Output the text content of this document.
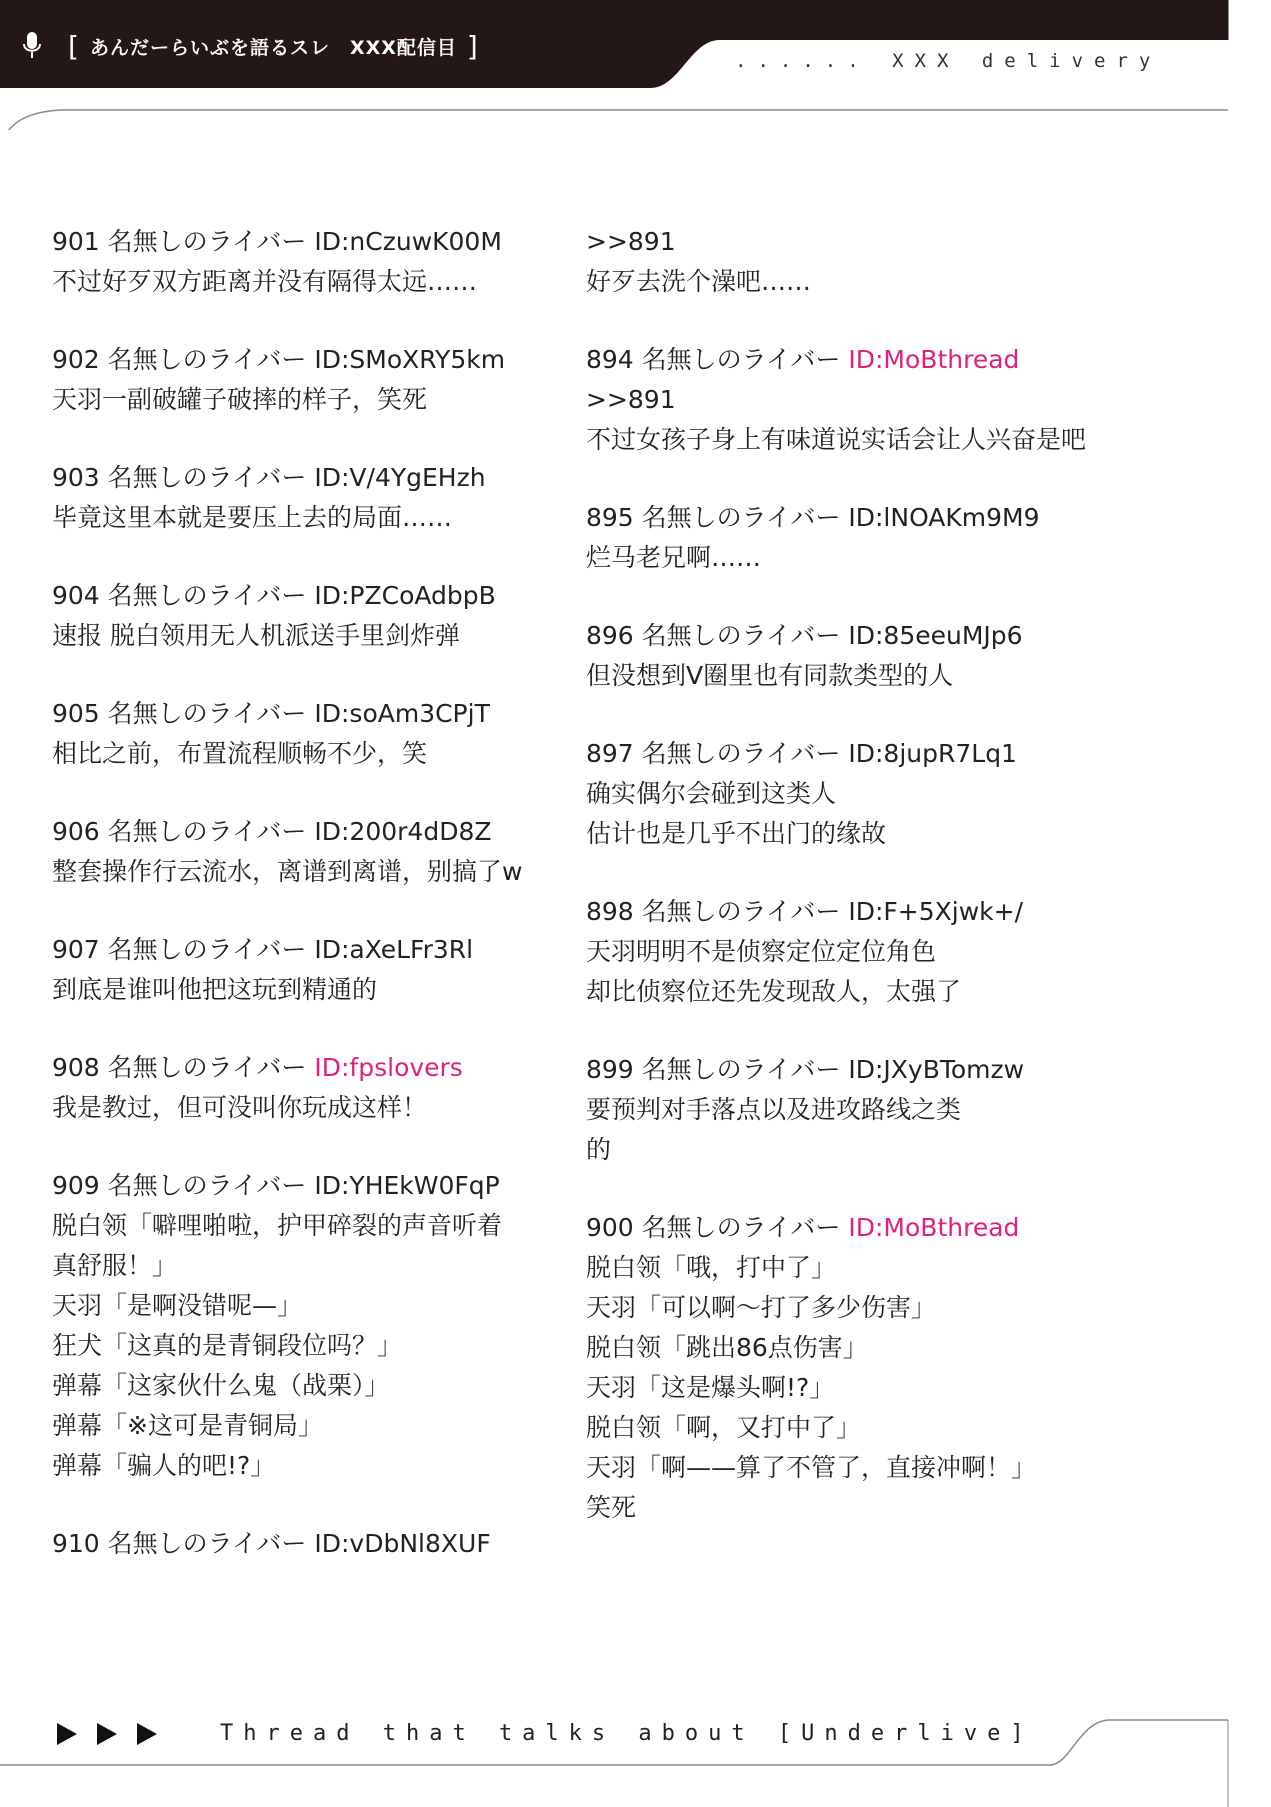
[ あんだーらいぶを語るスレ　XXX配信目 ]	...... XXX delivery
901 名無しのライバー ID:nCzuwK00M
不过好歹双方距离并没有隔得太远……
902 名無しのライバー ID:SMoXRY5km
天羽一副破罐子破摔的样子，笑死
903 名無しのライバー ID:V/4YgEHzh
毕竟这里本就是要压上去的局面……
904 名無しのライバー ID:PZCoAdbpB
速报 脱白领用无人机派送手里剑炸弹
905 名無しのライバー ID:soAm3CPjT
相比之前，布置流程顺畅不少，笑
906 名無しのライバー ID:200r4dD8Z
整套操作行云流水，离谱到离谱，别搞了w
907 名無しのライバー ID:aXeLFr3Rl
到底是谁叫他把这玩到精通的
908 名無しのライバー ID:fpslovers
我是教过，但可没叫你玩成这样！
909 名無しのライバー ID:YHEkW0FqP
脱白领「噼哩啪啦，护甲碎裂的声音听着
真舒服！」
天羽「是啊没错呢—」
狂犬「这真的是青铜段位吗？」
弹幕「这家伙什么鬼（战栗）」
弹幕「※这可是青铜局」
弹幕「骗人的吧!?」
910 名無しのライバー ID:vDbNl8XUF
>>891
好歹去洗个澡吧……
894 名無しのライバー ID:MoBthread
>>891
不过女孩子身上有味道说实话会让人兴奋是吧
895 名無しのライバー ID:lNOAKm9M9
烂马老兄啊……
896 名無しのライバー ID:85eeuMJp6
但没想到V圈里也有同款类型的人
897 名無しのライバー ID:8jupR7Lq1
确实偶尔会碰到这类人
估计也是几乎不出门的缘故
898 名無しのライバー ID:F+5Xjwk+/
天羽明明不是侦察定位定位角色
却比侦察位还先发现敌人，太强了
899 名無しのライバー ID:JXyBTomzw
要预判对手落点以及进攻路线之类
的
900 名無しのライバー ID:MoBthread
脱白领「哦，打中了」
天羽「可以啊～打了多少伤害」
脱白领「跳出86点伤害」
天羽「这是爆头啊!?」
脱白领「啊，又打中了」
天羽「啊——算了不管了，直接冲啊！」
笑死
Thread that talks about [Underlive]
